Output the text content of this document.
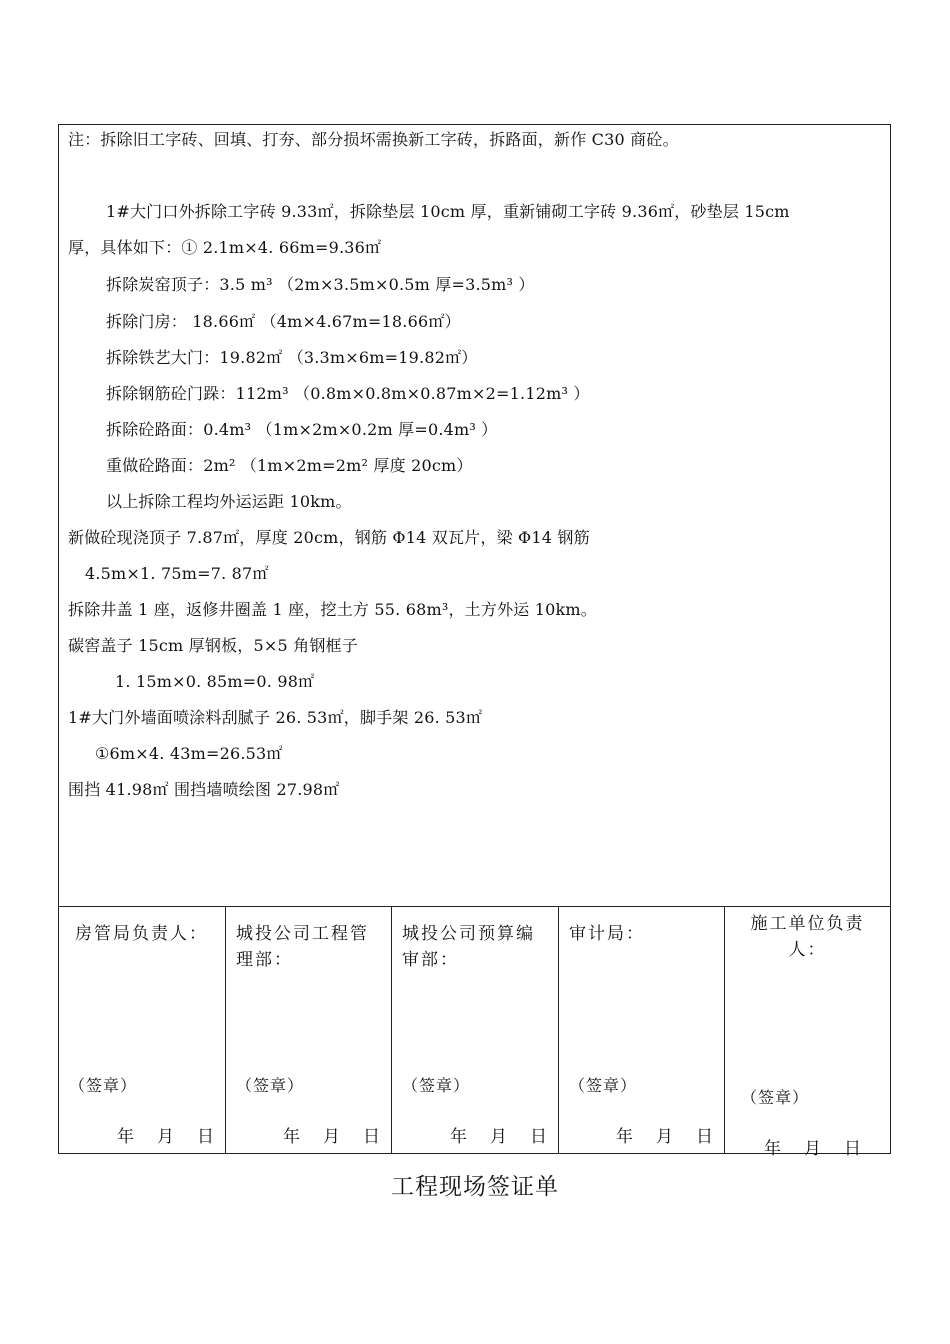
注：拆除旧工字砖、回填、打夯、部分损坏需换新工字砖，拆路面，新作 C30 商砼。
1#大门口外拆除工字砖 9.33㎡，拆除垫层 10cm 厚，重新铺砌工字砖 9.36㎡，砂垫层 15cm
厚，具体如下：① 2.1m×4. 66m=9.36㎡
拆除炭窑顶子：3.5 m³ （2m×3.5m×0.5m 厚=3.5m³ ）
拆除门房： 18.66㎡ （4m×4.67m=18.66㎡）
拆除铁艺大门：19.82㎡ （3.3m×6m=19.82㎡）
拆除钢筋砼门跺：112m³ （0.8m×0.8m×0.87m×2=1.12m³ ）
拆除砼路面：0.4m³ （1m×2m×0.2m 厚=0.4m³ ）
重做砼路面：2m² （1m×2m=2m² 厚度 20cm）
以上拆除工程均外运运距 10km。
新做砼现浇顶子 7.87㎡，厚度 20cm，钢筋 Φ14 双瓦片，梁 Φ14 钢筋
4.5m×1. 75m=7. 87㎡
拆除井盖 1 座，返修井圈盖 1 座，挖土方 55. 68m³，土方外运 10km。
碳窖盖子 15cm 厚钢板，5×5 角钢框子
1. 15m×0. 85m=0. 98㎡
1#大门外墙面喷涂料刮腻子 26. 53㎡，脚手架 26. 53㎡
①6m×4. 43m=26.53㎡
围挡 41.98㎡ 围挡墙喷绘图 27.98㎡
房管局负责人：
（签章）
年 月 日
城投公司工程管理部：
（签章）
年 月 日
城投公司预算编审部：
（签章）
年 月 日
审计局：
（签章）
年 月 日
施工单位负责人：
（签章）
年 月 日
工程现场签证单
